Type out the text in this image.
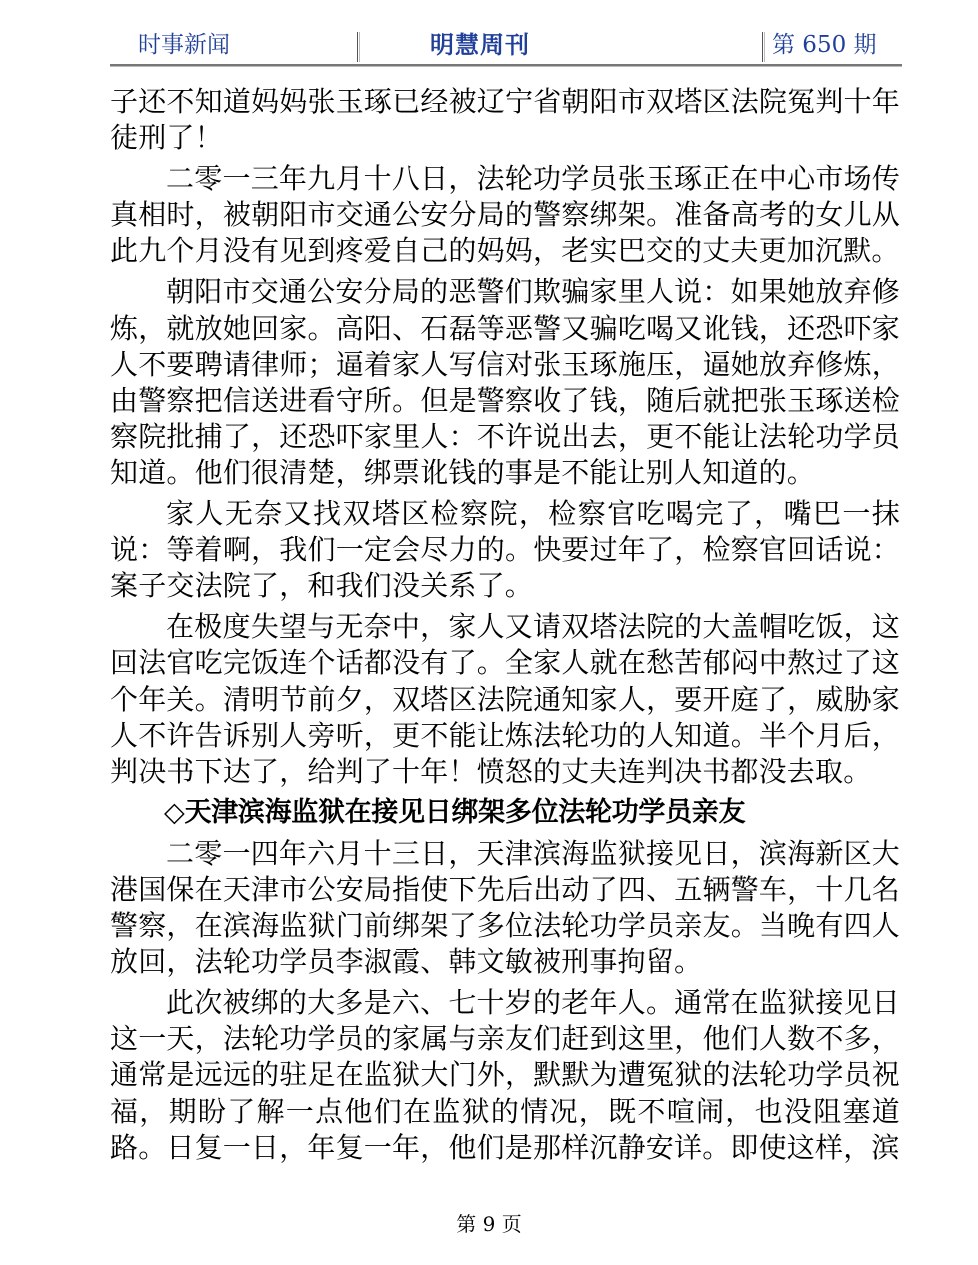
时事新闻	明慧周刊	第 650 期

子还不知道妈妈张玉琢已经被辽宁省朝阳市双塔区法院冤判十年徒刑了！

二零一三年九月十八日，法轮功学员张玉琢正在中心市场传真相时，被朝阳市交通公安分局的警察绑架。准备高考的女儿从此九个月没有见到疼爱自己的妈妈，老实巴交的丈夫更加沉默。

朝阳市交通公安分局的恶警们欺骗家里人说：如果她放弃修炼，就放她回家。高阳、石磊等恶警又骗吃喝又讹钱，还恐吓家人不要聘请律师；逼着家人写信对张玉琢施压，逼她放弃修炼，由警察把信送进看守所。但是警察收了钱，随后就把张玉琢送检察院批捕了，还恐吓家里人：不许说出去，更不能让法轮功学员知道。他们很清楚，绑票讹钱的事是不能让别人知道的。

家人无奈又找双塔区检察院，检察官吃喝完了，嘴巴一抹说：等着啊，我们一定会尽力的。快要过年了，检察官回话说：案子交法院了，和我们没关系了。

在极度失望与无奈中，家人又请双塔法院的大盖帽吃饭，这回法官吃完饭连个话都没有了。全家人就在愁苦郁闷中熬过了这个年关。清明节前夕，双塔区法院通知家人，要开庭了，威胁家人不许告诉别人旁听，更不能让炼法轮功的人知道。半个月后，判决书下达了，给判了十年！愤怒的丈夫连判决书都没去取。

◇天津滨海监狱在接见日绑架多位法轮功学员亲友

二零一四年六月十三日，天津滨海监狱接见日，滨海新区大港国保在天津市公安局指使下先后出动了四、五辆警车，十几名警察，在滨海监狱门前绑架了多位法轮功学员亲友。当晚有四人放回，法轮功学员李淑霞、韩文敏被刑事拘留。

此次被绑的大多是六、七十岁的老年人。通常在监狱接见日这一天，法轮功学员的家属与亲友们赶到这里，他们人数不多，通常是远远的驻足在监狱大门外，默默为遭冤狱的法轮功学员祝福，期盼了解一点他们在监狱的情况，既不喧闹，也没阻塞道路。日复一日，年复一年，他们是那样沉静安详。即使这样，滨

第 9 页
